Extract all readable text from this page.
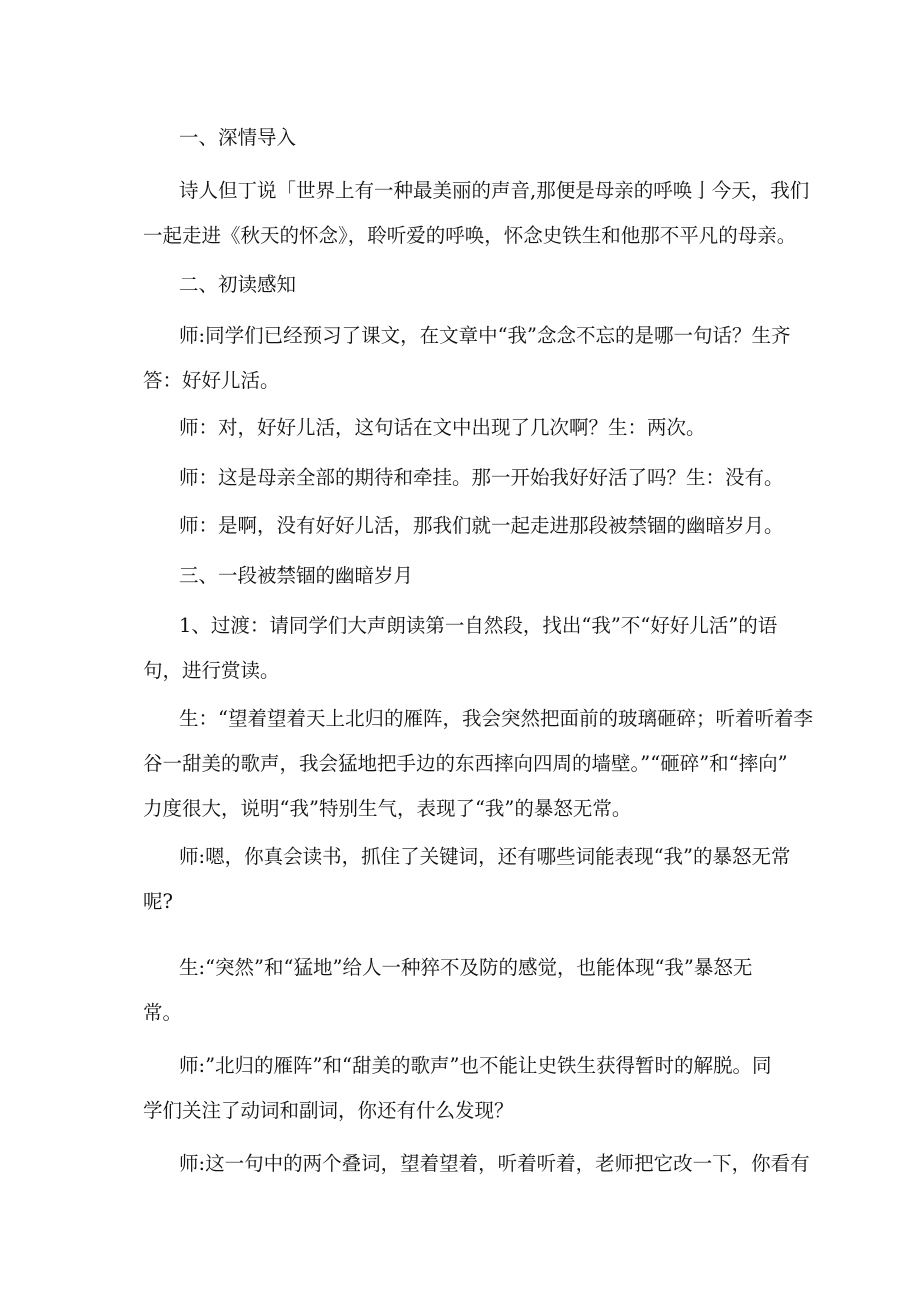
一、深情导入
诗人但丁说「世界上有一种最美丽的声音,那便是母亲的呼唤亅今天，我们
一起走进《秋天的怀念》，聆听爱的呼唤，怀念史铁生和他那不平凡的母亲。
二、初读感知
师:同学们已经预习了课文，在文章中“我”念念不忘的是哪一句话？生齐
答：好好儿活。
师：对，好好儿活，这句话在文中出现了几次啊？生：两次。
师：这是母亲全部的期待和牵挂。那一开始我好好活了吗？生：没有。
师：是啊，没有好好儿活，那我们就一起走进那段被禁锢的幽暗岁月。
三、一段被禁锢的幽暗岁月
1、过渡：请同学们大声朗读第一自然段，找出“我”不“好好儿活”的语
句，进行赏读。
生：“望着望着天上北归的雁阵，我会突然把面前的玻璃砸碎；听着听着李
谷一甜美的歌声，我会猛地把手边的东西摔向四周的墙壁。”“砸碎”和“摔向”
力度很大，说明“我”特别生气，表现了“我”的暴怒无常。
师:嗯，你真会读书，抓住了关键词，还有哪些词能表现“我”的暴怒无常
呢?
生:“突然”和“猛地”给人一种猝不及防的感觉，也能体现“我”暴怒无
常。
师:”北归的雁阵”和“甜美的歌声”也不能让史铁生获得暂时的解脱。同
学们关注了动词和副词，你还有什么发现？
师:这一句中的两个叠词，望着望着，听着听着，老师把它改一下，你看有
